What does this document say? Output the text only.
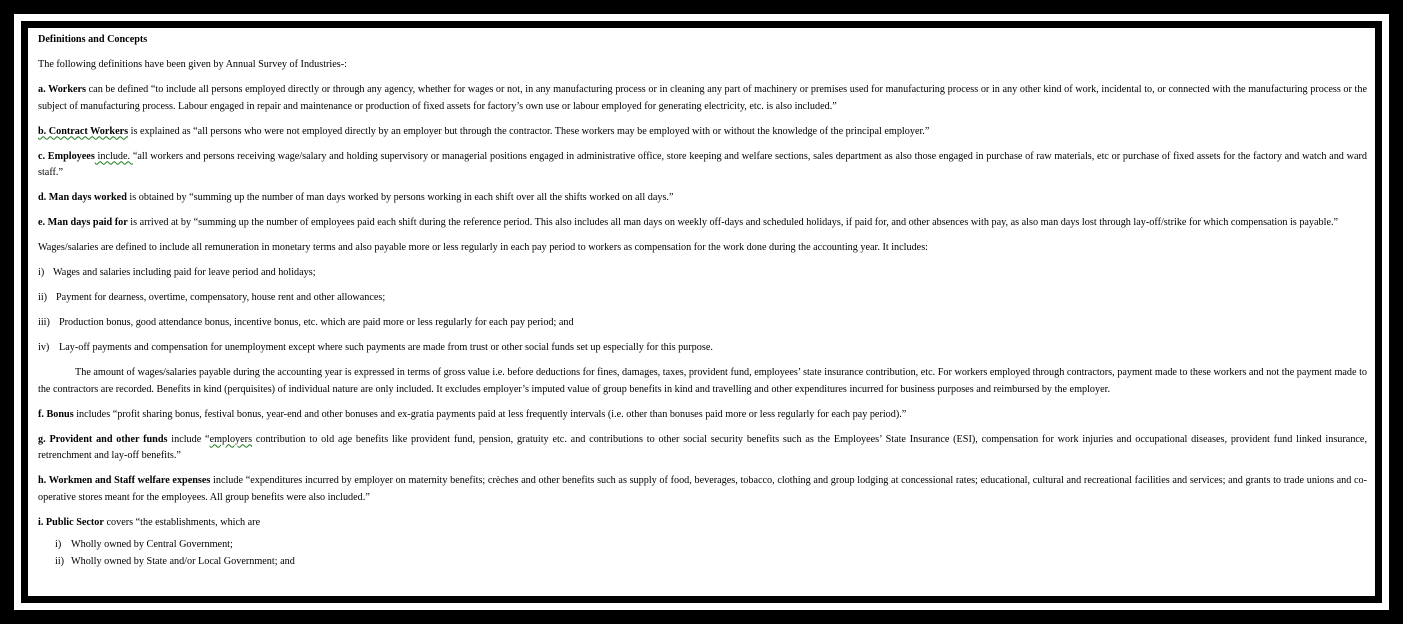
Definitions and Concepts

The following definitions have been given by Annual Survey of Industries-:

a. Workers can be defined “to include all persons employed directly or through any agency, whether for wages or not, in any manufacturing process or in cleaning any part of machinery or premises used for manufacturing process or in any other kind of work, incidental to, or connected with the manufacturing process or the subject of manufacturing process. Labour engaged in repair and maintenance or production of fixed assets for factory’s own use or labour employed for generating electricity, etc. is also included.”

b. Contract Workers is explained as “all persons who were not employed directly by an employer but through the contractor. These workers may be employed with or without the knowledge of the principal employer.”

c. Employees include. “all workers and persons receiving wage/salary and holding supervisory or managerial positions engaged in administrative office, store keeping and welfare sections, sales department as also those engaged in purchase of raw materials, etc or purchase of fixed assets for the factory and watch and ward staff.”

d. Man days worked is obtained by “summing up the number of man days worked by persons working in each shift over all the shifts worked on all days.”

e. Man days paid for is arrived at by “summing up the number of employees paid each shift during the reference period. This also includes all man days on weekly off-days and scheduled holidays, if paid for, and other absences with pay, as also man days lost through lay-off/strike for which compensation is payable.”

Wages/salaries are defined to include all remuneration in monetary terms and also payable more or less regularly in each pay period to workers as compensation for the work done during the accounting year. It includes:

i) Wages and salaries including paid for leave period and holidays;

ii) Payment for dearness, overtime, compensatory, house rent and other allowances;

iii) Production bonus, good attendance bonus, incentive bonus, etc. which are paid more or less regularly for each pay period; and

iv) Lay-off payments and compensation for unemployment except where such payments are made from trust or other social funds set up especially for this purpose.

The amount of wages/salaries payable during the accounting year is expressed in terms of gross value i.e. before deductions for fines, damages, taxes, provident fund, employees’ state insurance contribution, etc. For workers employed through contractors, payment made to these workers and not the payment made to the contractors are recorded. Benefits in kind (perquisites) of individual nature are only included. It excludes employer’s imputed value of group benefits in kind and travelling and other expenditures incurred for business purposes and reimbursed by the employer.

f. Bonus includes “profit sharing bonus, festival bonus, year-end and other bonuses and ex-gratia payments paid at less frequently intervals (i.e. other than bonuses paid more or less regularly for each pay period).”

g. Provident and other funds include “employers contribution to old age benefits like provident fund, pension, gratuity etc. and contributions to other social security benefits such as the Employees’ State Insurance (ESI), compensation for work injuries and occupational diseases, provident fund linked insurance, retrenchment and lay-off benefits.”

h. Workmen and Staff welfare expenses include “expenditures incurred by employer on maternity benefits; crèches and other benefits such as supply of food, beverages, tobacco, clothing and group lodging at concessional rates; educational, cultural and recreational facilities and services; and grants to trade unions and co-operative stores meant for the employees. All group benefits were also included.”

i. Public Sector covers “the establishments, which are

i) Wholly owned by Central Government;
ii) Wholly owned by State and/or Local Government; and
